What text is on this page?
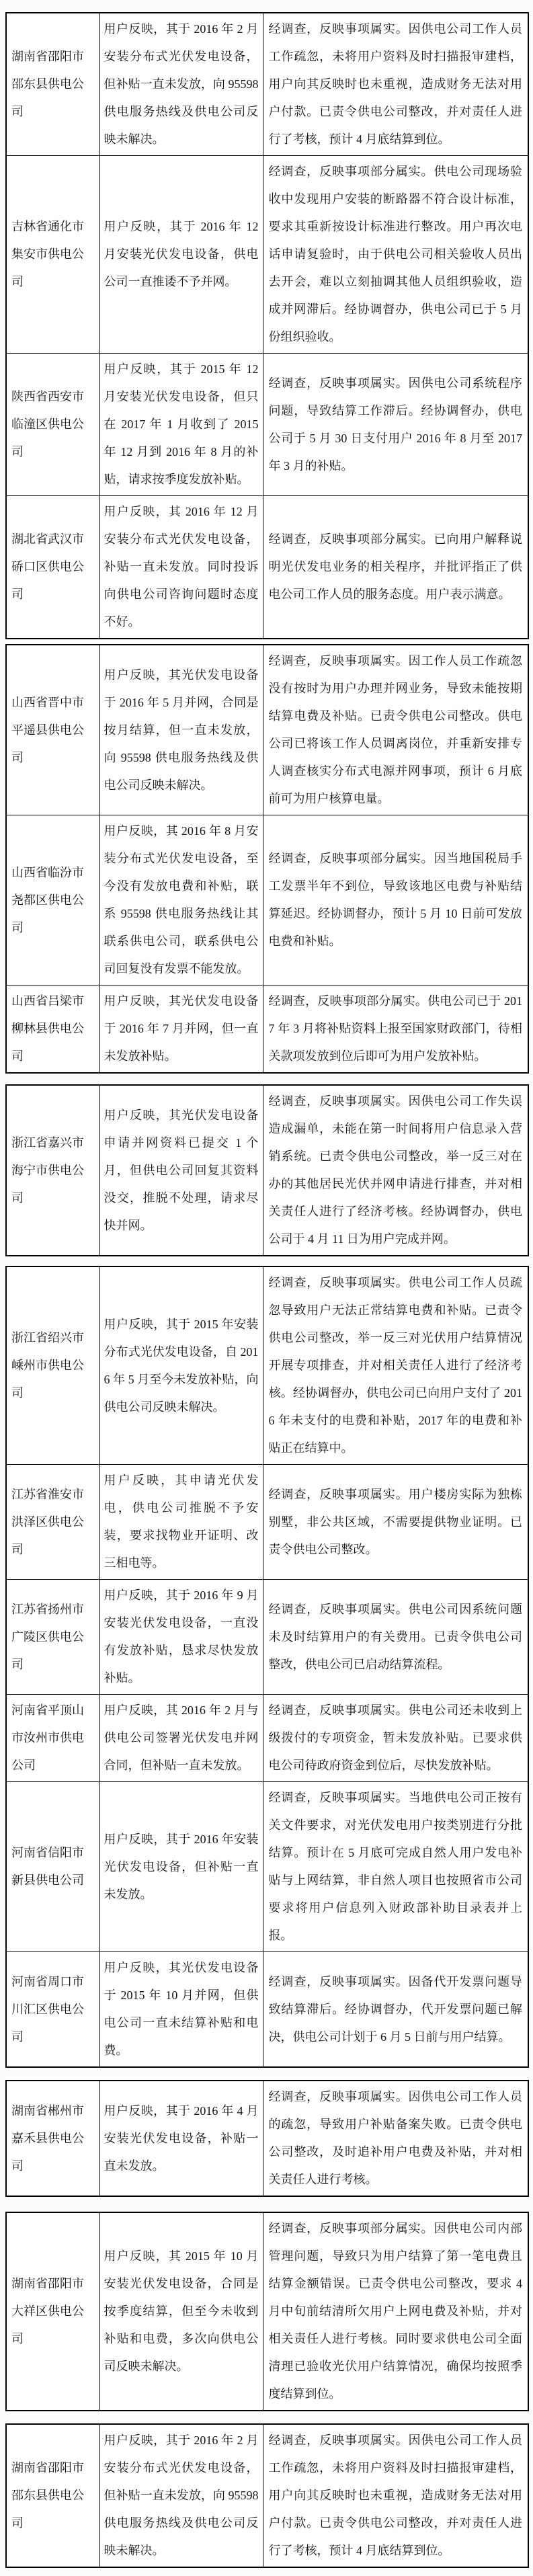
湖南省邵阳市邵东县供电公司	用户反映，其于 2016 年 2 月安装分布式光伏发电设备，但补贴一直未发放，向 95598 供电服务热线及供电公司反映未解决。	经调查，反映事项属实。因供电公司工作人员工作疏忽，未将用户资料及时扫描报审建档，用户向其反映时也未重视，造成财务无法对用户付款。已责令供电公司整改，并对责任人进行了考核，预计 4 月底结算到位。
吉林省通化市集安市供电公司	用户反映，其于 2016 年 12 月安装光伏发电设备，供电公司一直推诿不予并网。	经调查，反映事项部分属实。供电公司现场验收中发现用户安装的断路器不符合设计标准，要求其重新按设计标准进行整改。用户再次电话申请复验时，由于供电公司相关验收人员出去开会，难以立刻抽调其他人员组织验收，造成并网滞后。经协调督办，供电公司已于 5 月份组织验收。
陕西省西安市临潼区供电公司	用户反映，其于 2015 年 12 月安装光伏发电设备，但只在 2017 年 1 月收到了 2015 年 12 月到 2016 年 8 月的补贴，请求按季度发放补贴。	经调查，反映事项属实。因供电公司系统程序问题，导致结算工作滞后。经协调督办，供电公司于 5 月 30 日支付用户 2016 年 8 月至 2017 年 3 月的补贴。
湖北省武汉市硚口区供电公司	用户反映，其 2016 年 12 月安装分布式光伏发电设备，补贴一直未发放。同时投诉向供电公司咨询问题时态度不好。	经调查，反映事项部分属实。已向用户解释说明光伏发电业务的相关程序，并批评指正了供电公司工作人员的服务态度。用户表示满意。
山西省晋中市平遥县供电公司	用户反映，其光伏发电设备于 2016 年 5 月并网，合同是按月结算，但一直未发放，向 95598 供电服务热线及供电公司反映未解决。	经调查，反映事项属实。因工作人员工作疏忽没有按时为用户办理并网业务，导致未能按期结算电费及补贴。已责令供电公司整改。供电公司已将该工作人员调离岗位，并重新安排专人调查核实分布式电源并网事项，预计 6 月底前可为用户核算电量。
山西省临汾市尧都区供电公司	用户反映，其 2016 年 8 月安装分布式光伏发电设备，至今没有发放电费和补贴，联系 95598 供电服务热线让其联系供电公司，联系供电公司回复没有发票不能发放。	经调查，反映事项部分属实。因当地国税局手工发票半年不到位，导致该地区电费与补贴结算延迟。经协调督办，预计 5 月 10 日前可发放电费和补贴。
山西省吕梁市柳林县供电公司	用户反映，其光伏发电设备于 2016 年 7 月并网，但一直未发放补贴。	经调查，反映事项部分属实。供电公司已于 2017 年 3 月将补贴资料上报至国家财政部门，待相关款项发放到位后即可为用户发放补贴。
浙江省嘉兴市海宁市供电公司	用户反映，其光伏发电设备申请并网资料已提交 1 个月，但供电公司回复其资料没交，推脱不处理，请求尽快并网。	经调查，反映事项属实。因供电公司工作失误造成漏单，未能在第一时间将用户信息录入营销系统。已责令供电公司整改，举一反三对在办的其他居民光伏并网申请进行排查，并对相关责任人进行了经济考核。经协调督办，供电公司于 4 月 11 日为用户完成并网。
浙江省绍兴市嵊州市供电公司	用户反映，其于 2015 年安装分布式光伏发电设备，自 2016 年 5 月至今未发放补贴，向供电公司反映未解决。	经调查，反映事项属实。供电公司工作人员疏忽导致用户无法正常结算电费和补贴。已责令供电公司整改，举一反三对光伏用户结算情况开展专项排查，并对相关责任人进行了经济考核。经协调督办，供电公司已向用户支付了 2016 年未支付的电费和补贴，2017 年的电费和补贴正在结算中。
江苏省淮安市洪泽区供电公司	用户反映，其申请光伏发电，供电公司推脱不予安装，要求找物业开证明、改三相电等。	经调查，反映事项属实。用户楼房实际为独栋别墅，非公共区域，不需要提供物业证明。已责令供电公司整改。
江苏省扬州市广陵区供电公司	用户反映，其于 2016 年 9 月安装光伏发电设备，一直没有发放补贴，恳求尽快发放补贴。	经调查，反映事项属实。供电公司因系统问题未及时结算用户的有关费用。已责令供电公司整改，供电公司已启动结算流程。
河南省平顶山市汝州市供电公司	用户反映，其 2016 年 2 月与供电公司签署光伏发电并网合同，但补贴一直未发放。	经调查，反映事项属实。供电公司还未收到上级拨付的专项资金，暂未发放补贴。已要求供电公司待政府资金到位后，尽快发放补贴。
河南省信阳市新县供电公司	用户反映，其于 2016 年安装光伏发电设备，但补贴一直未发放。	经调查，反映事项属实。当地供电公司正按有关文件要求，对光伏发电用户按类别进行分批结算。预计在 5 月底可完成自然人用户发电补贴与上网结算，非自然人项目也按照省市公司要求将用户信息列入财政部补助目录表并上报。
河南省周口市川汇区供电公司	用户反映，其光伏发电设备于 2015 年 10 月并网，但供电公司一直未结算补贴和电费。	经调查，反映事项属实。因备代开发票问题导致结算滞后。经协调督办，代开发票问题已解决，供电公司计划于 6 月 5 日前与用户结算。
湖南省郴州市嘉禾县供电公司	用户反映，其于 2016 年 4 月安装光伏发电设备，补贴一直未发放。	经调查，反映事项属实。因供电公司工作人员的疏忽，导致用户补贴备案失败。已责令供电公司整改，及时追补用户电费及补贴，并对相关责任人进行考核。
湖南省邵阳市大祥区供电公司	用户反映，其 2015 年 10 月安装光伏发电设备，合同是按季度结算，但至今未收到补贴和电费，多次向供电公司反映未解决。	经调查，反映事项部分属实。因供电公司内部管理问题，导致只为用户结算了第一笔电费且结算金额错误。已责令供电公司整改，要求 4 月中旬前结清所欠用户上网电费及补贴，并对相关责任人进行考核。同时要求供电公司全面清理已验收光伏用户结算情况，确保均按照季度结算到位。
湖南省邵阳市邵东县供电公司	用户反映，其于 2016 年 2 月安装分布式光伏发电设备，但补贴一直未发放，向 95598 供电服务热线及供电公司反映未解决。	经调查，反映事项属实。因供电公司工作人员工作疏忽，未将用户资料及时扫描报审建档，用户向其反映时也未重视，造成财务无法对用户付款。已责令供电公司整改，并对责任人进行了考核，预计 4 月底结算到位。
